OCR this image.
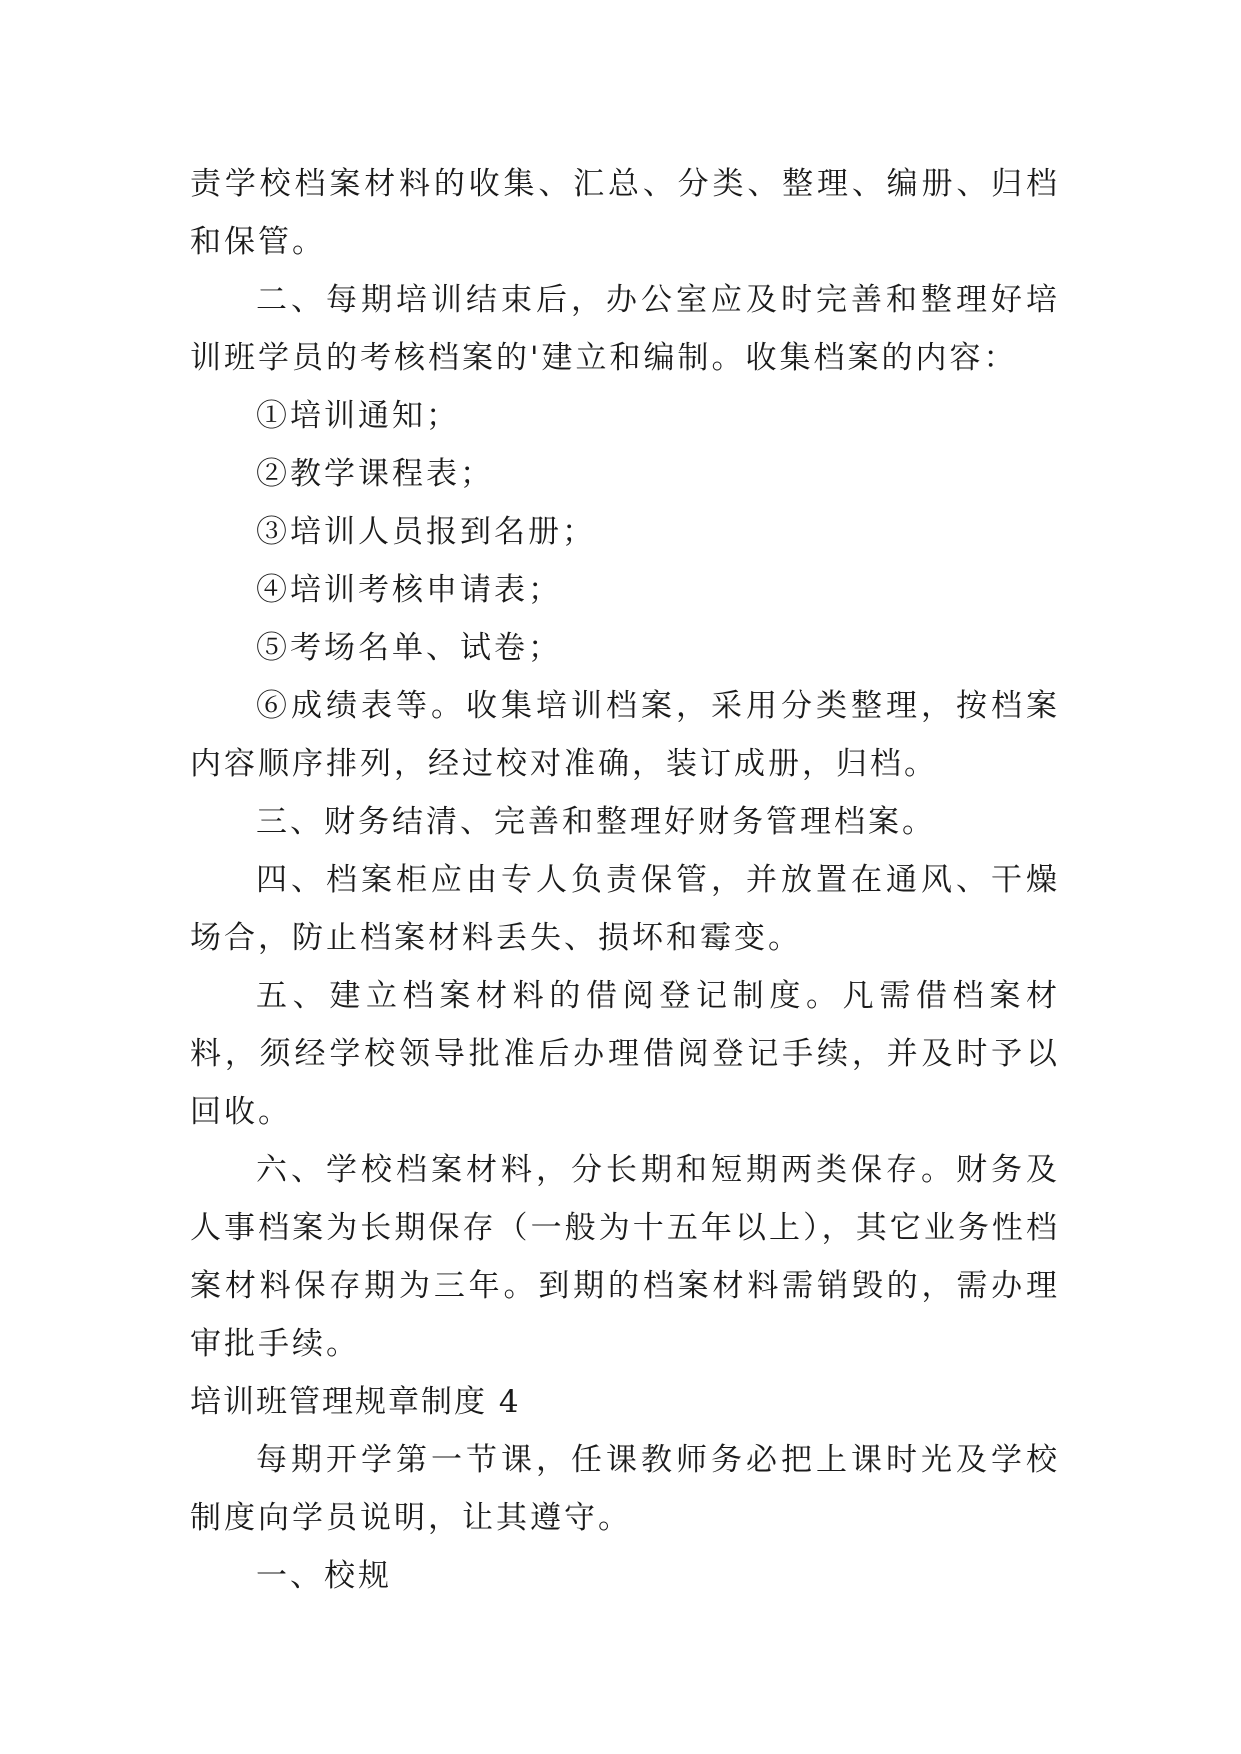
责学校档案材料的收集、汇总、分类、整理、编册、归档和保管。

二、每期培训结束后，办公室应及时完善和整理好培训班学员的考核档案的'建立和编制。收集档案的内容：

①培训通知；

②教学课程表；

③培训人员报到名册；

④培训考核申请表；

⑤考场名单、试卷；

⑥成绩表等。收集培训档案，采用分类整理，按档案内容顺序排列，经过校对准确，装订成册，归档。

三、财务结清、完善和整理好财务管理档案。

四、档案柜应由专人负责保管，并放置在通风、干燥场合，防止档案材料丢失、损坏和霉变。

五、建立档案材料的借阅登记制度。凡需借档案材料，须经学校领导批准后办理借阅登记手续，并及时予以回收。

六、学校档案材料，分长期和短期两类保存。财务及人事档案为长期保存（一般为十五年以上），其它业务性档案材料保存期为三年。到期的档案材料需销毁的，需办理审批手续。

培训班管理规章制度 4

每期开学第一节课，任课教师务必把上课时光及学校制度向学员说明，让其遵守。

一、校规
